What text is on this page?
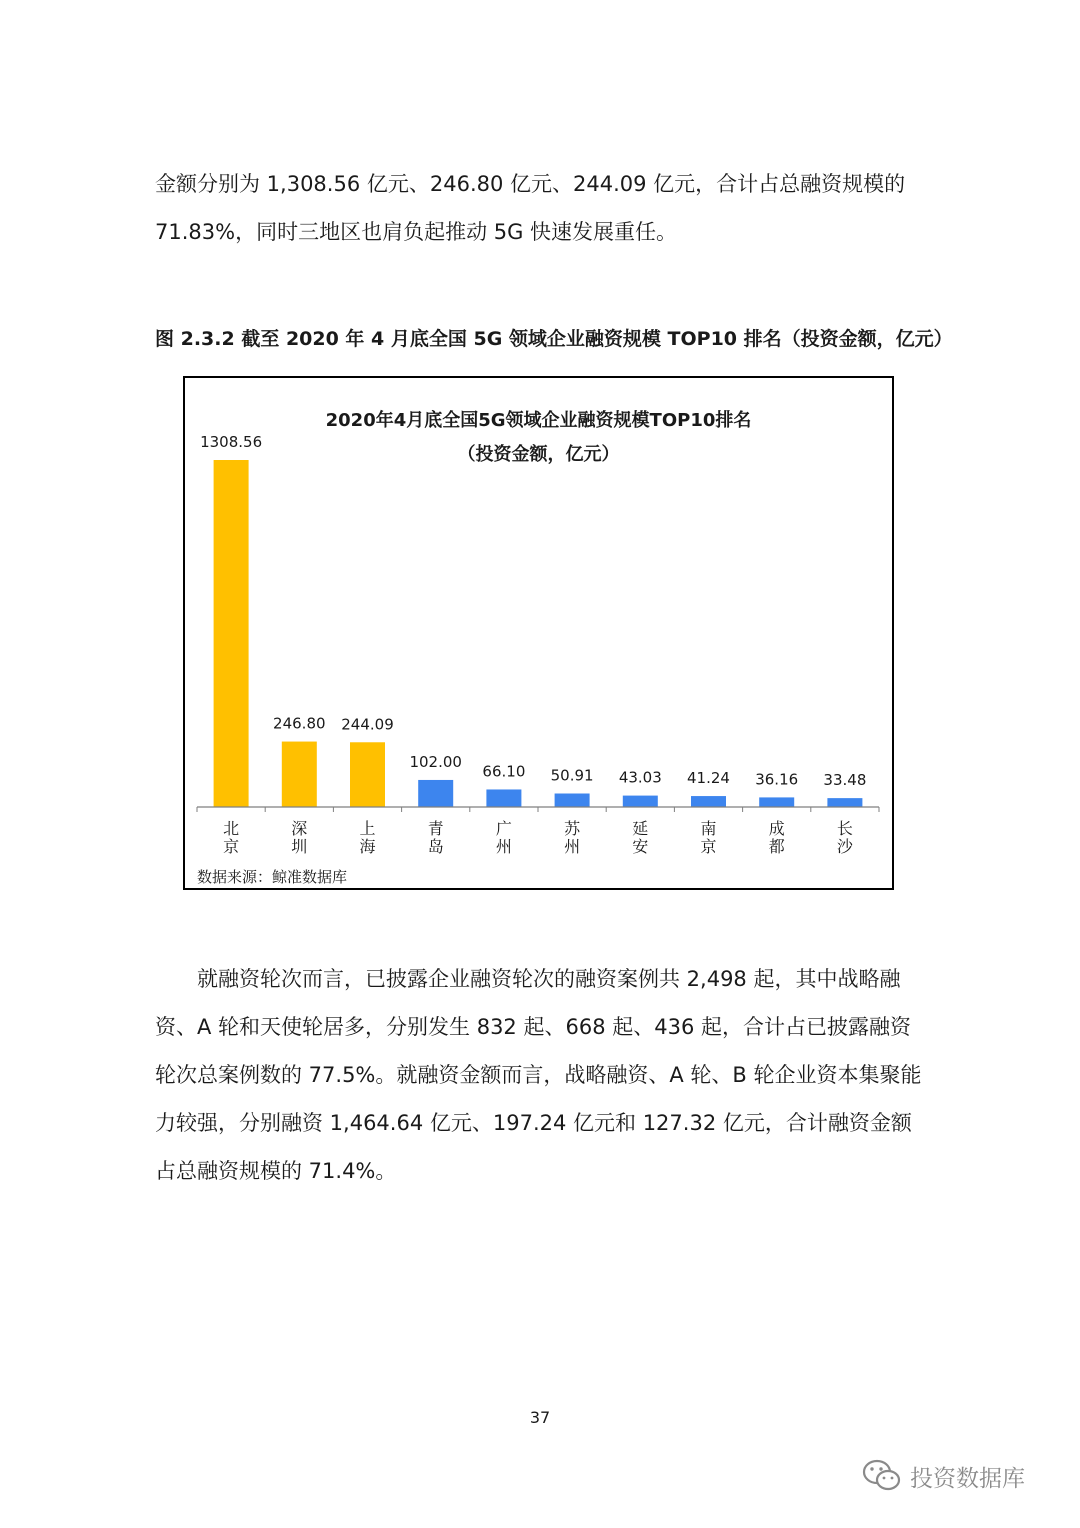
金额分别为 1,308.56 亿元、246.80 亿元、244.09 亿元，合计占总融资规模的71.83%，同时三地区也肩负起推动 5G 快速发展重任。

图 2.3.2 截至 2020 年 4 月底全国 5G 领域企业融资规模 TOP10 排名（投资金额，亿元）

2020年4月底全国5G领域企业融资规模TOP10排名
（投资金额，亿元）
1308.56
北京
246.80
深圳
244.09
上海
102.00
青岛
66.10
广州
50.91
苏州
43.03
延安
41.24
南京
36.16
成都
33.48
长沙
数据来源：鲸准数据库

就融资轮次而言，已披露企业融资轮次的融资案例共 2,498 起，其中战略融资、A 轮和天使轮居多，分别发生 832 起、668 起、436 起，合计占已披露融资轮次总案例数的 77.5%。就融资金额而言，战略融资、A 轮、B 轮企业资本集聚能力较强，分别融资 1,464.64 亿元、197.24 亿元和 127.32 亿元，合计融资金额占总融资规模的 71.4%。

37
投资数据库
